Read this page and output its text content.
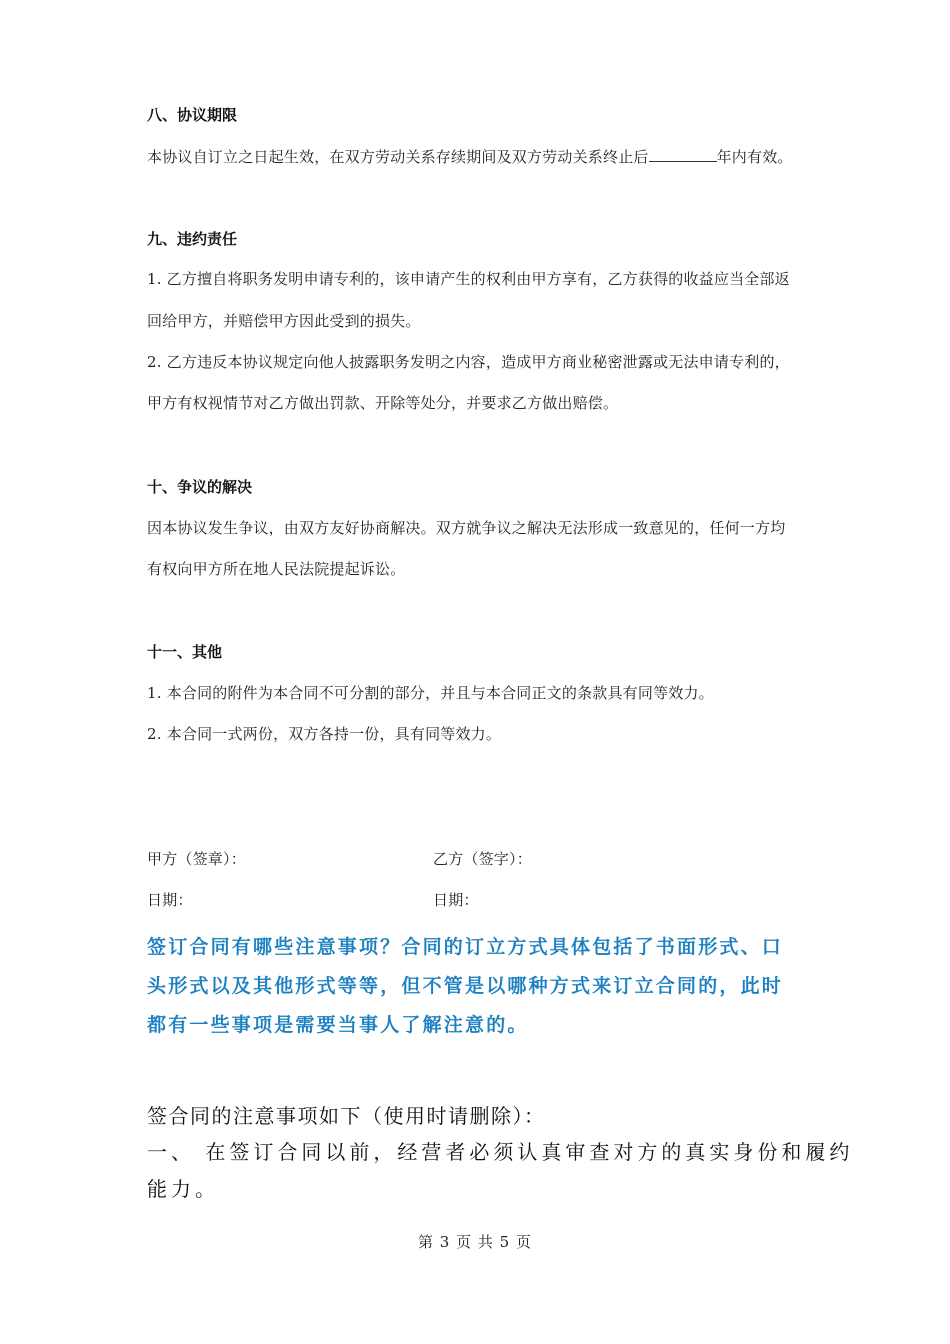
八、协议期限
本协议自订立之日起生效，在双方劳动关系存续期间及双方劳动关系终止后	年内有效。
九、违约责任
1. 乙方擅自将职务发明申请专利的，该申请产生的权利由甲方享有，乙方获得的收益应当全部返
回给甲方，并赔偿甲方因此受到的损失。
2. 乙方违反本协议规定向他人披露职务发明之内容，造成甲方商业秘密泄露或无法申请专利的，
甲方有权视情节对乙方做出罚款、开除等处分，并要求乙方做出赔偿。
十、争议的解决
因本协议发生争议，由双方友好协商解决。双方就争议之解决无法形成一致意见的，任何一方均
有权向甲方所在地人民法院提起诉讼。
十一、其他
1. 本合同的附件为本合同不可分割的部分，并且与本合同正文的条款具有同等效力。
2. 本合同一式两份，双方各持一份，具有同等效力。
甲方（签章）：	乙方（签字）：
日期：	日期：
签订合同有哪些注意事项？合同的订立方式具体包括了书面形式、口
头形式以及其他形式等等，但不管是以哪种方式来订立合同的，此时
都有一些事项是需要当事人了解注意的。
签合同的注意事项如下（使用时请删除）：
一、 在签订合同以前，经营者必须认真审查对方的真实身份和履约
能力。
第 3 页 共 5 页
